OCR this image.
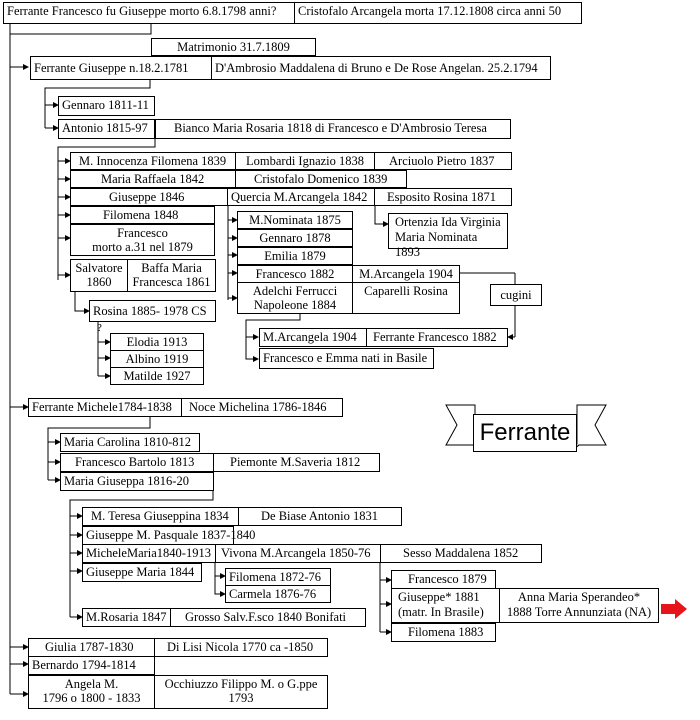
Ferrante Francesco fu Giuseppe morto 6.8.1798 anni?	Cristofalo Arcangela morta 17.12.1808 circa anni 50
Matrimonio 31.7.1809
Ferrante Giuseppe n.18.2.1781	D'Ambrosio Maddalena di Bruno e De Rose Angelan. 25.2.1794
Gennaro 1811-11
Antonio 1815-97	Bianco Maria Rosaria 1818 di Francesco e D'Ambrosio Teresa
M. Innocenza Filomena 1839	Lombardi Ignazio 1838	Arciuolo Pietro 1837
Maria Raffaela 1842	Cristofalo Domenico 1839
Giuseppe 1846	Quercia M.Arcangela 1842	Esposito Rosina 1871
Filomena 1848
Francesco
morto a.31 nel 1879
Salvatore
1860
Baffa Maria
Francesca 1861
Rosina 1885- 1978 CS
?
Elodia 1913
Albino 1919
Matilde 1927
Ortenzia Ida Virginia
Maria Nominata 1893
M.Nominata 1875
Gennaro 1878
Emilia 1879
Francesco 1882	M.Arcangela 1904
Adelchi Ferrucci
Napoleone 1884
Caparelli Rosina	cugini
M.Arcangela 1904	Ferrante Francesco 1882
Francesco e Emma nati in Basile
Ferrante Michele1784-1838	Noce Michelina 1786-1846
Maria Carolina 1810-812
Francesco Bartolo 1813	Piemonte M.Saveria 1812
Maria Giuseppa 1816-20
M. Teresa Giuseppina 1834	De Biase Antonio 1831
Giuseppe M. Pasquale 1837-1840
MicheleMaria1840-1913 Vivona M.Arcangela 1850-76	Sesso Maddalena 1852
Giuseppe Maria 1844	Filomena 1872-76
Carmela 1876-76
Francesco 1879
Giuseppe* 1881
(matr. In Brasile)
Anna Maria Sperandeo*
1888 Torre Annunziata (NA)
Filomena 1883
M.Rosaria 1847	Grosso Salv.F.sco 1840 Bonifati
Giulia 1787-1830	Di Lisi Nicola 1770 ca -1850
Bernardo 1794-1814
Angela M.
1796 o 1800 - 1833
Occhiuzzo Filippo M. o G.ppe
1793
Ferrante
